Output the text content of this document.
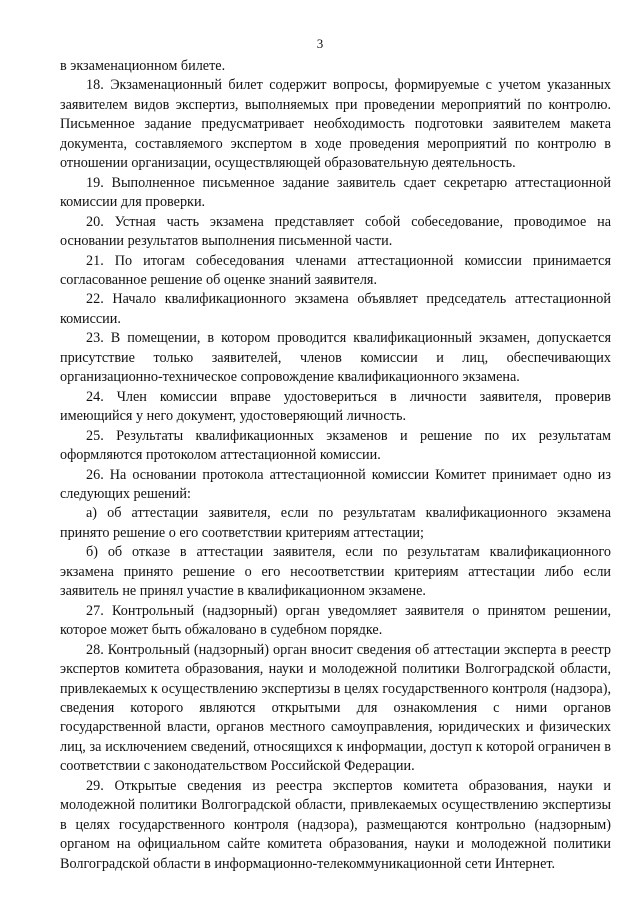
3

в экзаменационном билете.

18. Экзаменационный билет содержит вопросы, формируемые с учетом указанных заявителем видов экспертиз, выполняемых при проведении мероприятий по контролю. Письменное задание предусматривает необходимость подготовки заявителем макета документа, составляемого экспертом в ходе проведения мероприятий по контролю в отношении организации, осуществляющей образовательную деятельность.

19. Выполненное письменное задание заявитель сдает секретарю аттестационной комиссии для проверки.

20. Устная часть экзамена представляет собой собеседование, проводимое на основании результатов выполнения письменной части.

21. По итогам собеседования членами аттестационной комиссии принимается согласованное решение об оценке знаний заявителя.

22. Начало квалификационного экзамена объявляет председатель аттестационной комиссии.

23. В помещении, в котором проводится квалификационный экзамен, допускается присутствие только заявителей, членов комиссии и лиц, обеспечивающих организационно-техническое сопровождение квалификационного экзамена.

24. Член комиссии вправе удостовериться в личности заявителя, проверив имеющийся у него документ, удостоверяющий личность.

25. Результаты квалификационных экзаменов и решение по их результатам оформляются протоколом аттестационной комиссии.

26. На основании протокола аттестационной комиссии Комитет принимает одно из следующих решений:

а) об аттестации заявителя, если по результатам квалификационного экзамена принято решение о его соответствии критериям аттестации;

б) об отказе в аттестации заявителя, если по результатам квалификационного экзамена принято решение о его несоответствии критериям аттестации либо если заявитель не принял участие в квалификационном экзамене.

27. Контрольный (надзорный) орган уведомляет заявителя о принятом решении, которое может быть обжаловано в судебном порядке.

28. Контрольный (надзорный) орган вносит сведения об аттестации эксперта в реестр экспертов комитета образования, науки и молодежной политики Волгоградской области, привлекаемых к осуществлению экспертизы в целях государственного контроля (надзора), сведения которого являются открытыми для ознакомления с ними органов государственной власти, органов местного самоуправления, юридических и физических лиц, за исключением сведений, относящихся к информации, доступ к которой ограничен в соответствии с законодательством Российской Федерации.

29. Открытые сведения из реестра экспертов комитета образования, науки и молодежной политики Волгоградской области, привлекаемых осуществлению экспертизы в целях государственного контроля (надзора), размещаются контрольно (надзорным) органом на официальном сайте комитета образования, науки и молодежной политики Волгоградской области в информационно-телекоммуникационной сети Интернет.
